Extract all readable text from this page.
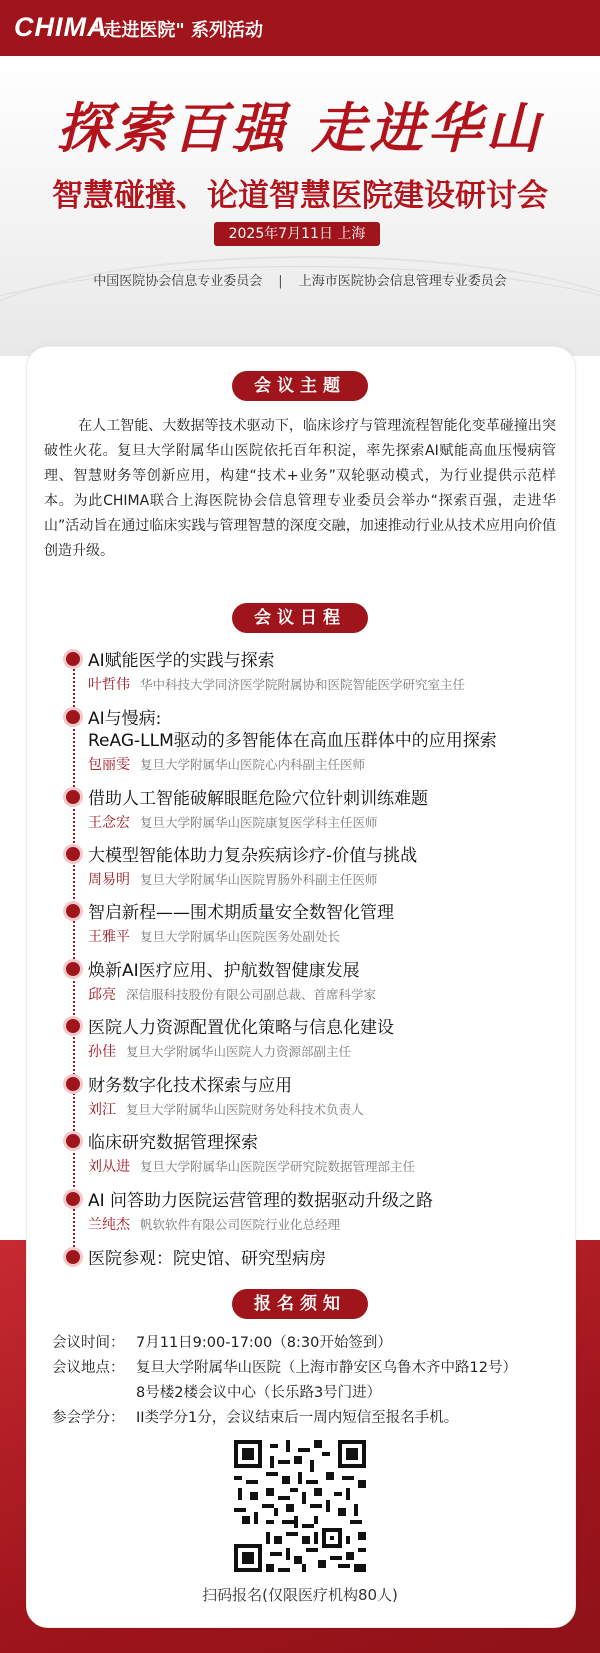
CHIMA
"走进医院" 系列活动
探索百强 走进华山
智慧碰撞、论道智慧医院建设研讨会
2025年7月11日 上海
中国医院协会信息专业委员会 | 上海市医院协会信息管理专业委员会
会议主题
在人工智能、大数据等技术驱动下，临床诊疗与管理流程智能化变革碰撞出突破性火花。复旦大学附属华山医院依托百年积淀，率先探索AI赋能高血压慢病管理、智慧财务等创新应用，构建“技术+业务”双轮驱动模式，为行业提供示范样本。为此CHIMA联合上海医院协会信息管理专业委员会举办“探索百强，走进华山”活动旨在通过临床实践与管理智慧的深度交融，加速推动行业从技术应用向价值创造升级。
会议日程
AI赋能医学的实践与探索
叶哲伟 华中科技大学同济医学院附属协和医院智能医学研究室主任
AI与慢病:
ReAG-LLM驱动的多智能体在高血压群体中的应用探索
包丽雯 复旦大学附属华山医院心内科副主任医师
借助人工智能破解眼眶危险穴位针刺训练难题
王念宏 复旦大学附属华山医院康复医学科主任医师
大模型智能体助力复杂疾病诊疗-价值与挑战
周易明 复旦大学附属华山医院胃肠外科副主任医师
智启新程——围术期质量安全数智化管理
王雅平 复旦大学附属华山医院医务处副处长
焕新AI医疗应用、护航数智健康发展
邱亮 深信服科技股份有限公司副总裁、首席科学家
医院人力资源配置优化策略与信息化建设
孙佳 复旦大学附属华山医院人力资源部副主任
财务数字化技术探索与应用
刘江 复旦大学附属华山医院财务处科技术负责人
临床研究数据管理探索
刘从进 复旦大学附属华山医院医学研究院数据管理部主任
AI 问答助力医院运营管理的数据驱动升级之路
兰纯杰 帆软软件有限公司医院行业化总经理
医院参观：院史馆、研究型病房
报名须知
会议时间： 7月11日9:00-17:00（8:30开始签到）
会议地点： 复旦大学附属华山医院（上海市静安区乌鲁木齐中路12号）
8号楼2楼会议中心（长乐路3号门进）
参会学分： II类学分1分，会议结束后一周内短信至报名手机。
扫码报名(仅限医疗机构80人)
